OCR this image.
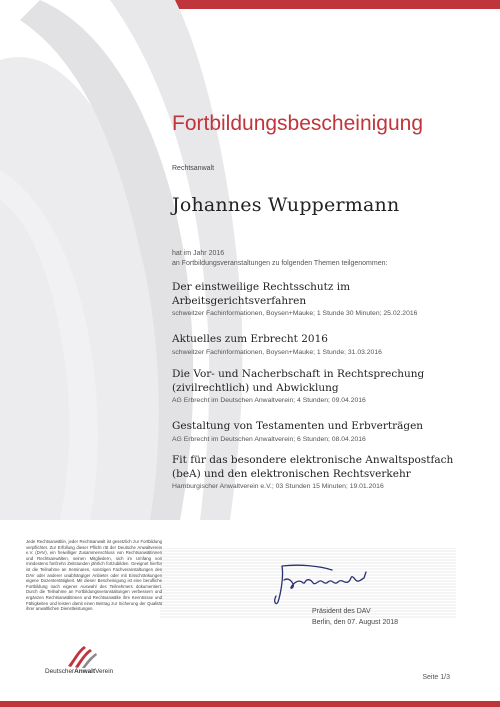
Fortbildungsbescheinigung
Rechtsanwalt
Johannes Wuppermann
hat im Jahr 2016
an Fortbildungsveranstaltungen zu folgenden Themen teilgenommen:
Der einstweilige Rechtsschutz im
Arbeitsgerichtsverfahren
schweitzer Fachinformationen, Boysen+Mauke; 1 Stunde 30 Minuten; 25.02.2016
Aktuelles zum Erbrecht 2016
schweitzer Fachinformationen, Boysen+Mauke; 1 Stunde; 31.03.2016
Die Vor- und Nacherbschaft in Rechtsprechung
(zivilrechtlich) und Abwicklung
AG Erbrecht im Deutschen Anwaltverein; 4 Stunden; 09.04.2016
Gestaltung von Testamenten und Erbverträgen
AG Erbrecht im Deutschen Anwaltverein; 6 Stunden; 08.04.2016
Fit für das besondere elektronische Anwaltspostfach
(beA) und den elektronischen Rechtsverkehr
Hamburgischer Anwaltverein e.V.; 03 Stunden 15 Minuten; 19.01.2016
Jede Rechtsanwältin, jeder Rechtsanwalt ist gesetzlich zur Fortbildung verpflichtet. Zur Erfüllung dieser Pflicht rät der Deutsche Anwaltverein e.V. (DAV), ein freiwilliger Zusammenschluss von Rechtsanwältinnen und Rechtsanwälten, seinen Mitgliedern, sich im Umfang von mindestens fünfzehn Zeitstunden jährlich fortzubilden. Geeignet hierfür ist die Teilnahme an Seminaren, sonstigen Fachveranstaltungen des DAV oder anderer unabhängiger Anbieter oder mit Einschränkungen eigene Dozententätigkeit. Mit dieser Bescheinigung ist eine berufliche Fortbildung nach eigener Auswahl des Teilnehmers dokumentiert. Durch die Teilnahme an Fortbildungsveranstaltungen verbessern und ergänzen Rechtsanwältinnen und Rechtsanwälte ihre Kenntnisse und Fähigkeiten und leisten damit einen Beitrag zur Sicherung der Qualität ihrer anwaltlichen Dienstleistungen.	Präsident des DAV
Berlin, den 07. August 2018
DeutscherAnwaltVerein
Seite 1/3
